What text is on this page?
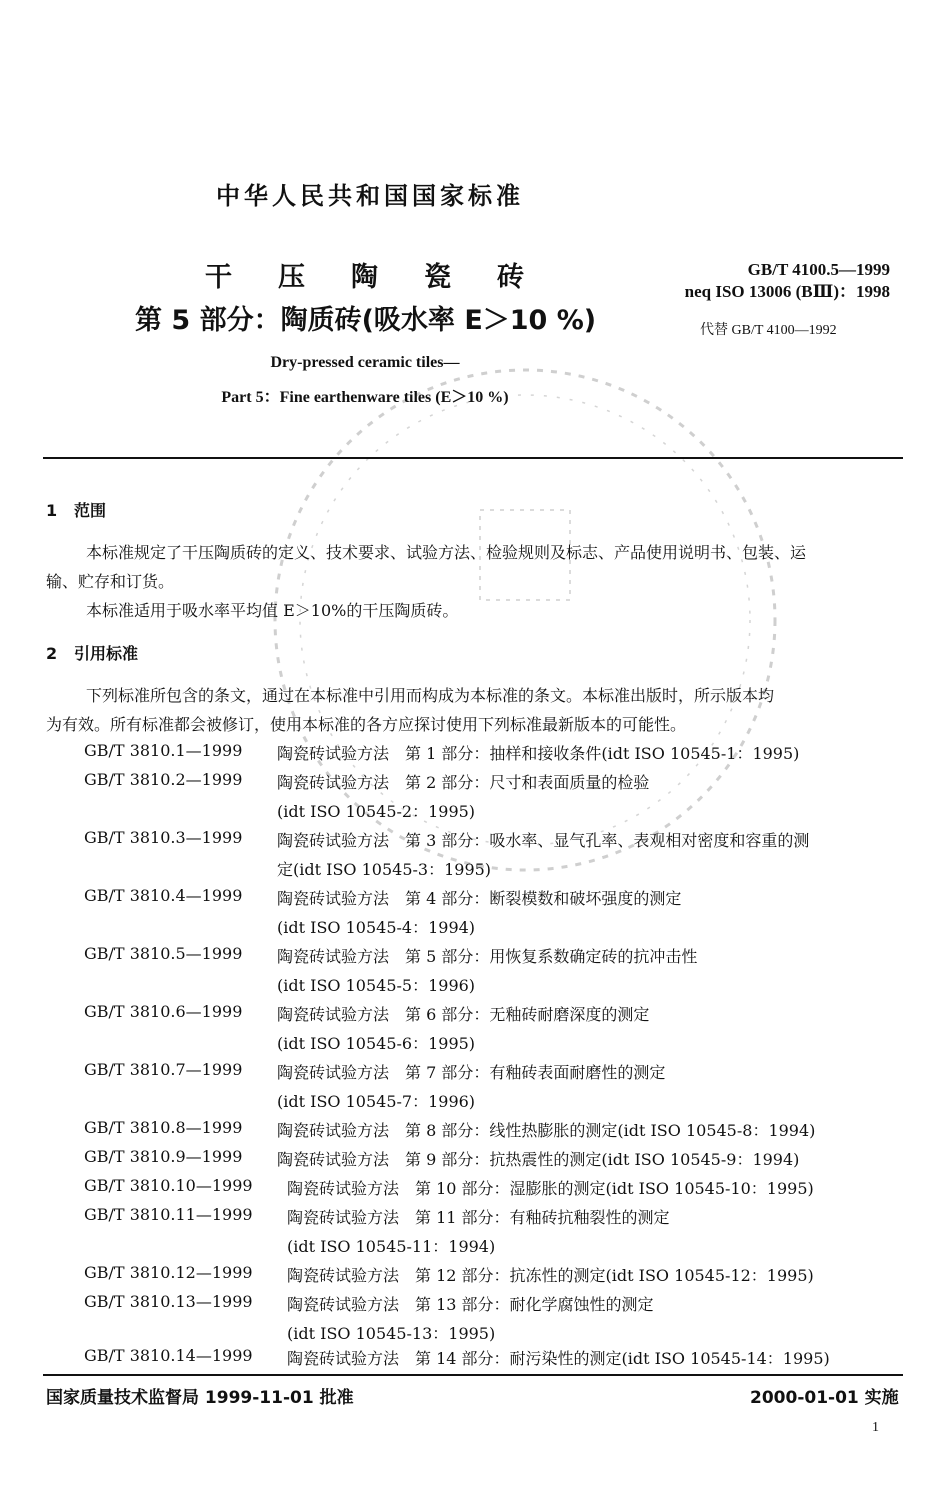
中华人民共和国国家标准
干压陶瓷砖
第 5 部分：陶质砖(吸水率 E＞10 %)
GB/T 4100.5—1999
neq ISO 13006 (BⅢ)：1998
代替 GB/T 4100—1992
Dry-pressed ceramic tiles—
Part 5：Fine earthenware tiles (E＞10 %)
1 范围
本标准规定了干压陶质砖的定义、技术要求、试验方法、检验规则及标志、产品使用说明书、包装、运
输、贮存和订货。
本标准适用于吸水率平均值 E＞10%的干压陶质砖。
2 引用标准
下列标准所包含的条文，通过在本标准中引用而构成为本标准的条文。本标准出版时，所示版本均
为有效。所有标准都会被修订，使用本标准的各方应探讨使用下列标准最新版本的可能性。
GB/T 3810.1—1999 陶瓷砖试验方法　第 1 部分：抽样和接收条件(idt ISO 10545-1：1995)
GB/T 3810.2—1999 陶瓷砖试验方法　第 2 部分：尺寸和表面质量的检验
(idt ISO 10545-2：1995)
GB/T 3810.3—1999 陶瓷砖试验方法　第 3 部分：吸水率、显气孔率、表观相对密度和容重的测
定(idt ISO 10545-3：1995)
GB/T 3810.4—1999 陶瓷砖试验方法　第 4 部分：断裂模数和破坏强度的测定
(idt ISO 10545-4：1994)
GB/T 3810.5—1999 陶瓷砖试验方法　第 5 部分：用恢复系数确定砖的抗冲击性
(idt ISO 10545-5：1996)
GB/T 3810.6—1999 陶瓷砖试验方法　第 6 部分：无釉砖耐磨深度的测定
(idt ISO 10545-6：1995)
GB/T 3810.7—1999 陶瓷砖试验方法　第 7 部分：有釉砖表面耐磨性的测定
(idt ISO 10545-7：1996)
GB/T 3810.8—1999 陶瓷砖试验方法　第 8 部分：线性热膨胀的测定(idt ISO 10545-8：1994)
GB/T 3810.9—1999 陶瓷砖试验方法　第 9 部分：抗热震性的测定(idt ISO 10545-9：1994)
GB/T 3810.10—1999 陶瓷砖试验方法　第 10 部分：湿膨胀的测定(idt ISO 10545-10：1995)
GB/T 3810.11—1999 陶瓷砖试验方法　第 11 部分：有釉砖抗釉裂性的测定
(idt ISO 10545-11：1994)
GB/T 3810.12—1999 陶瓷砖试验方法　第 12 部分：抗冻性的测定(idt ISO 10545-12：1995)
GB/T 3810.13—1999 陶瓷砖试验方法　第 13 部分：耐化学腐蚀性的测定
(idt ISO 10545-13：1995)
GB/T 3810.14—1999 陶瓷砖试验方法　第 14 部分：耐污染性的测定(idt ISO 10545-14：1995)
国家质量技术监督局 1999-11-01 批准	2000-01-01 实施
1
